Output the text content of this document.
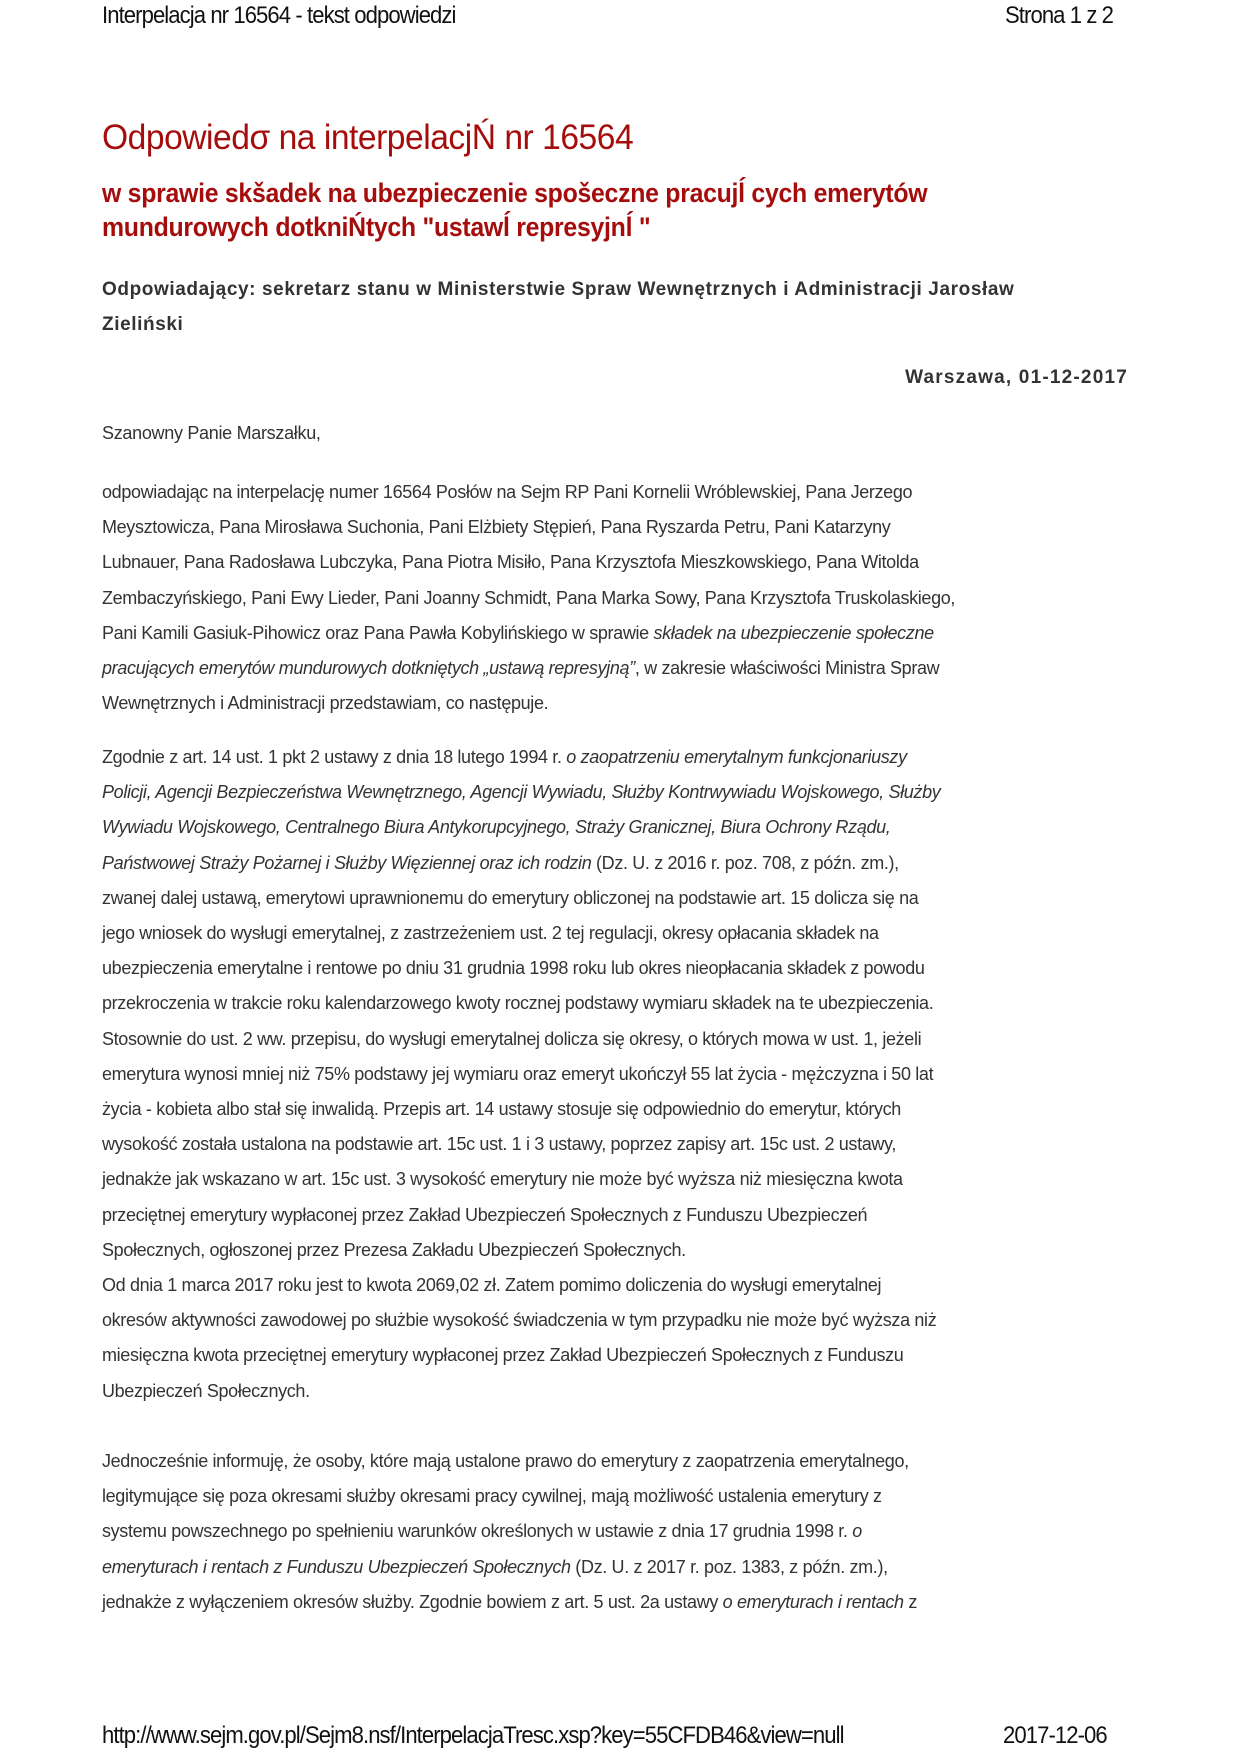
Interpelacja nr 16564 - tekst odpowiedzi	Strona 1 z 2
Odpowiedσ na interpelacjŃ nr 16564
w sprawie skšadek na ubezpieczenie spošeczne pracujĺ cych emerytów
mundurowych dotkniŃtych "ustawĺ represyjnĺ "
Odpowiadający: sekretarz stanu w Ministerstwie Spraw Wewnętrznych i Administracji Jarosław
Zieliński
Warszawa, 01-12-2017
Szanowny Panie Marszałku,
odpowiadając na interpelację numer 16564 Posłów na Sejm RP Pani Kornelii Wróblewskiej, Pana Jerzego
Meysztowicza, Pana Mirosława Suchonia, Pani Elżbiety Stępień, Pana Ryszarda Petru, Pani Katarzyny
Lubnauer, Pana Radosława Lubczyka, Pana Piotra Misiło, Pana Krzysztofa Mieszkowskiego, Pana Witolda
Zembaczyńskiego, Pani Ewy Lieder, Pani Joanny Schmidt, Pana Marka Sowy, Pana Krzysztofa Truskolaskiego,
Pani Kamili Gasiuk-Pihowicz oraz Pana Pawła Kobylińskiego w sprawie składek na ubezpieczenie społeczne
pracujących emerytów mundurowych dotkniętych „ustawą represyjną”, w zakresie właściwości Ministra Spraw
Wewnętrznych i Administracji przedstawiam, co następuje.
Zgodnie z art. 14 ust. 1 pkt 2 ustawy z dnia 18 lutego 1994 r. o zaopatrzeniu emerytalnym funkcjonariuszy
Policji, Agencji Bezpieczeństwa Wewnętrznego, Agencji Wywiadu, Służby Kontrwywiadu Wojskowego, Służby
Wywiadu Wojskowego, Centralnego Biura Antykorupcyjnego, Straży Granicznej, Biura Ochrony Rządu,
Państwowej Straży Pożarnej i Służby Więziennej oraz ich rodzin (Dz. U. z 2016 r. poz. 708, z późn. zm.),
zwanej dalej ustawą, emerytowi uprawnionemu do emerytury obliczonej na podstawie art. 15 dolicza się na
jego wniosek do wysługi emerytalnej, z zastrzeżeniem ust. 2 tej regulacji, okresy opłacania składek na
ubezpieczenia emerytalne i rentowe po dniu 31 grudnia 1998 roku lub okres nieopłacania składek z powodu
przekroczenia w trakcie roku kalendarzowego kwoty rocznej podstawy wymiaru składek na te ubezpieczenia.
Stosownie do ust. 2 ww. przepisu, do wysługi emerytalnej dolicza się okresy, o których mowa w ust. 1, jeżeli
emerytura wynosi mniej niż 75% podstawy jej wymiaru oraz emeryt ukończył 55 lat życia - mężczyzna i 50 lat
życia - kobieta albo stał się inwalidą. Przepis art. 14 ustawy stosuje się odpowiednio do emerytur, których
wysokość została ustalona na podstawie art. 15c ust. 1 i 3 ustawy, poprzez zapisy art. 15c ust. 2 ustawy,
jednakże jak wskazano w art. 15c ust. 3 wysokość emerytury nie może być wyższa niż miesięczna kwota
przeciętnej emerytury wypłaconej przez Zakład Ubezpieczeń Społecznych z Funduszu Ubezpieczeń
Społecznych, ogłoszonej przez Prezesa Zakładu Ubezpieczeń Społecznych.
Od dnia 1 marca 2017 roku jest to kwota 2069,02 zł. Zatem pomimo doliczenia do wysługi emerytalnej
okresów aktywności zawodowej po służbie wysokość świadczenia w tym przypadku nie może być wyższa niż
miesięczna kwota przeciętnej emerytury wypłaconej przez Zakład Ubezpieczeń Społecznych z Funduszu
Ubezpieczeń Społecznych.
Jednocześnie informuję, że osoby, które mają ustalone prawo do emerytury z zaopatrzenia emerytalnego,
legitymujące się poza okresami służby okresami pracy cywilnej, mają możliwość ustalenia emerytury z
systemu powszechnego po spełnieniu warunków określonych w ustawie z dnia 17 grudnia 1998 r. o
emeryturach i rentach z Funduszu Ubezpieczeń Społecznych (Dz. U. z 2017 r. poz. 1383, z późn. zm.),
jednakże z wyłączeniem okresów służby. Zgodnie bowiem z art. 5 ust. 2a ustawy o emeryturach i rentach z
http://www.sejm.gov.pl/Sejm8.nsf/InterpelacjaTresc.xsp?key=55CFDB46&view=null	2017-12-06
